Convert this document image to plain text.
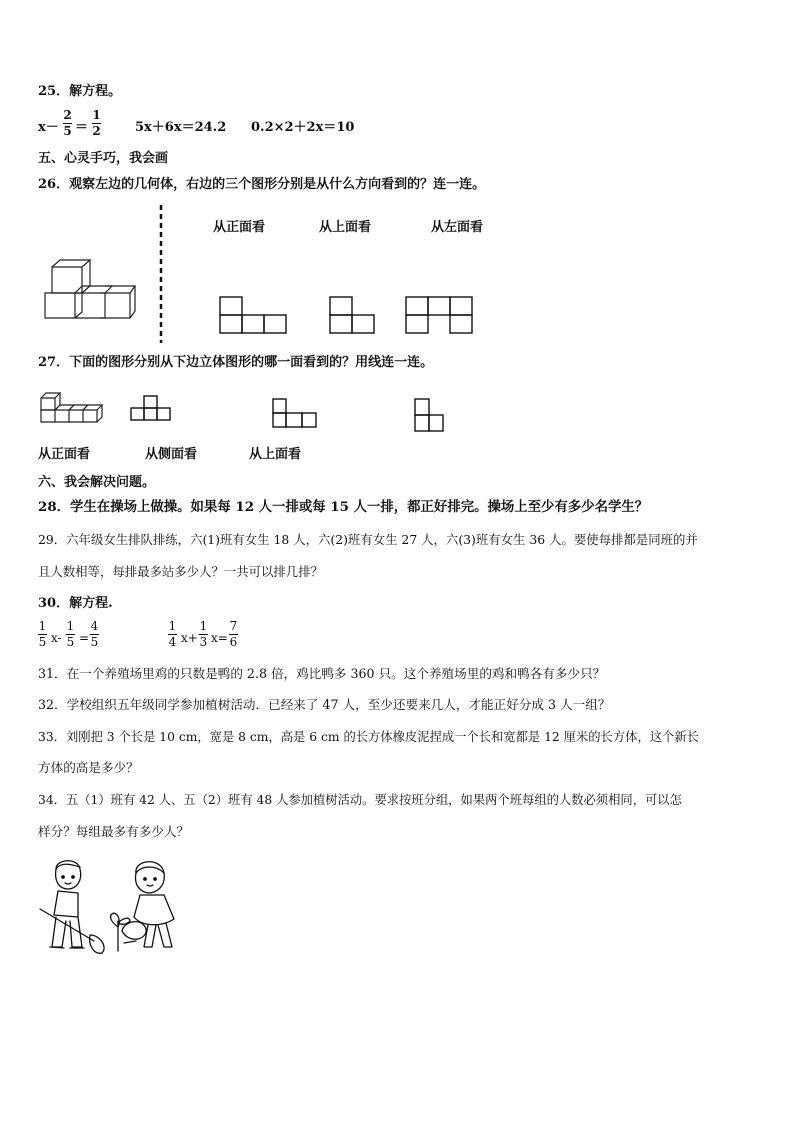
25．解方程。
x－
2
5 ＝
1
2	5x＋6x＝24.2 0.2×2＋2x＝10
五、心灵手巧，我会画
26．观察左边的几何体，右边的三个图形分别是从什么方向看到的？连一连。
从正面看	从上面看	从左面看
27．下面的图形分别从下边立体图形的哪一面看到的？用线连一连。
从正面看	从侧面看	从上面看
六、我会解决问题。
28．学生在操场上做操。如果每 12 人一排或每 15 人一排，都正好排完。操场上至少有多少名学生？
29．六年级女生排队排练，六(1)班有女生 18 人，六(2)班有女生 27 人，六(3)班有女生 36 人。要使每排都是同班的并
且人数相等，每排最多站多少人？一共可以排几排？
30．解方程.
1
5 x-
1
5 =
4
5
1
4 x+
1
3 x=
7
6
31．在一个养殖场里鸡的只数是鸭的 2.8 倍，鸡比鸭多 360 只。这个养殖场里的鸡和鸭各有多少只？
32．学校组织五年级同学参加植树活动．已经来了 47 人，至少还要来几人，才能正好分成 3 人一组？
33．刘刚把 3 个长是 10 cm，宽是 8 cm，高是 6 cm 的长方体橡皮泥捏成一个长和宽都是 12 厘米的长方体，这个新长
方体的高是多少？
34．五（1）班有 42 人、五（2）班有 48 人参加植树活动。要求按班分组，如果两个班每组的人数必须相同，可以怎
样分？每组最多有多少人？
